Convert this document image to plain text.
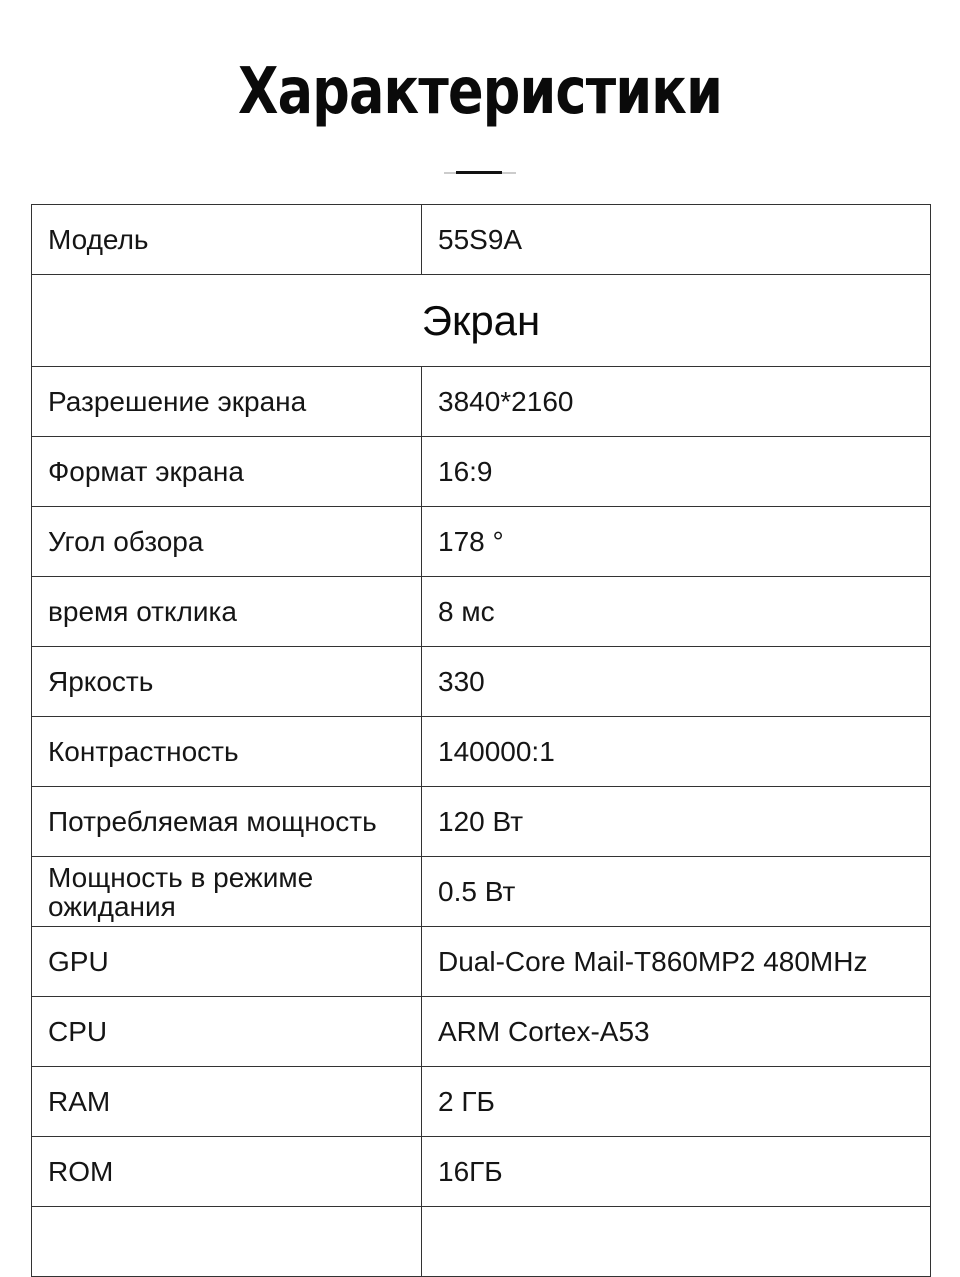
Характеристики
Модель	55S9A
Экран	
Разрешение экрана	3840*2160
Формат экрана	16:9
Угол обзора	178 °
время отклика	8 мс
Яркость	330
Контрастность	140000:1
Потребляемая мощность	120 Вт
Мощность в режиме ожидания	0.5 Вт
GPU	Dual-Core Mail-T860MP2 480MHz
CPU	ARM Cortex-A53
RAM	2 ГБ
ROM	16ГБ
